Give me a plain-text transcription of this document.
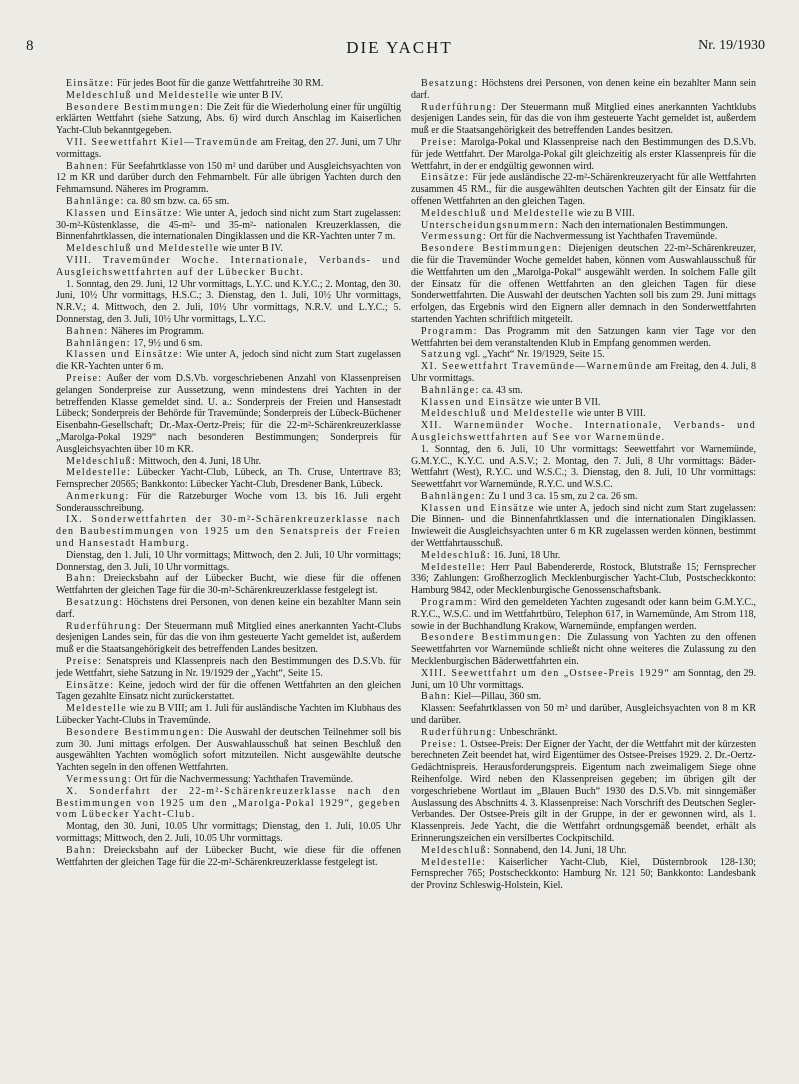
8	DIE YACHT	Nr. 19/1930

Einsätze: Für jedes Boot für die ganze Wettfahrtreihe 30 RM.

Meldeschluß und Meldestelle wie unter B IV.

Besondere Bestimmungen: Die Zeit für die Wiederholung einer für ungültig erklärten Wettfahrt (siehe Satzung, Abs. 6) wird durch Anschlag im Kaiserlichen Yacht-Club bekanntgegeben.

VII. Seewettfahrt Kiel—Travemünde am Freitag, den 27. Juni, um 7 Uhr vormittags.

Bahnen: Für Seefahrtklasse von 150 m² und darüber und Ausgleichsyachten von 12 m KR und darüber durch den Fehmarnbelt. Für alle übrigen Yachten durch den Fehmarnsund. Näheres im Programm.

Bahnlänge: ca. 80 sm bzw. ca. 65 sm.

Klassen und Einsätze: Wie unter A, jedoch sind nicht zum Start zugelassen: 30-m²-Küstenklasse, die 45-m²- und 35-m²- nationalen Kreuzerklassen, die Binnenfahrtklassen, die internationalen Dingiklassen und die KR-Yachten unter 7 m.

Meldeschluß und Meldestelle wie unter B IV.

VIII. Travemünder Woche. Internationale, Verbands- und Ausgleichswettfahrten auf der Lübecker Bucht.

1. Sonntag, den 29. Juni, 12 Uhr vormittags, L.Y.C. und K.Y.C.; 2. Montag, den 30. Juni, 10½ Uhr vormittags, H.S.C.; 3. Dienstag, den 1. Juli, 10½ Uhr vormittags, N.R.V.; 4. Mittwoch, den 2. Juli, 10½ Uhr vormittags, N.R.V. und L.Y.C.; 5. Donnerstag, den 3. Juli, 10½ Uhr vormittags, L.Y.C.

Bahnen: Näheres im Programm.

Bahnlängen: 17, 9½ und 6 sm.

Klassen und Einsätze: Wie unter A, jedoch sind nicht zum Start zugelassen die KR-Yachten unter 6 m.

Preise: Außer der vom D.S.Vb. vorgeschriebenen Anzahl von Klassenpreisen gelangen Sonderpreise zur Aussetzung, wenn mindestens drei Yachten in der betreffenden Klasse gemeldet sind. U. a.: Sonderpreis der Freien und Hansestadt Lübeck; Sonderpreis der Behörde für Travemünde; Sonderpreis der Lübeck-Büchener Eisenbahn-Gesellschaft; Dr.-Max-Oertz-Preis; für die 22-m²-Schärenkreuzerklasse „Marolga-Pokal 1929“ nach besonderen Bestimmungen; Sonderpreis für Ausgleichsyachten über 10 m KR.

Meldeschluß: Mittwoch, den 4. Juni, 18 Uhr.

Meldestelle: Lübecker Yacht-Club, Lübeck, an Th. Cruse, Untertrave 83; Fernsprecher 20565; Bankkonto: Lübecker Yacht-Club, Dresdener Bank, Lübeck.

Anmerkung: Für die Ratzeburger Woche vom 13. bis 16. Juli ergeht Sonderausschreibung.

IX. Sonderwettfahrten der 30-m²-Schärenkreuzerklasse nach den Baubestimmungen von 1925 um den Senatspreis der Freien und Hansestadt Hamburg.

Dienstag, den 1. Juli, 10 Uhr vormittags; Mittwoch, den 2. Juli, 10 Uhr vormittags; Donnerstag, den 3. Juli, 10 Uhr vormittags.

Bahn: Dreiecksbahn auf der Lübecker Bucht, wie diese für die offenen Wettfahrten der gleichen Tage für die 30-m²-Schärenkreuzerklasse festgelegt ist.

Besatzung: Höchstens drei Personen, von denen keine ein bezahlter Mann sein darf.

Ruderführung: Der Steuermann muß Mitglied eines anerkannten Yacht-Clubs desjenigen Landes sein, für das die von ihm gesteuerte Yacht gemeldet ist, außerdem muß er die Staatsangehörigkeit des betreffenden Landes besitzen.

Preise: Senatspreis und Klassenpreis nach den Bestimmungen des D.S.Vb. für jede Wettfahrt, siehe Satzung in Nr. 19/1929 der „Yacht“, Seite 15.

Einsätze: Keine, jedoch wird der für die offenen Wettfahrten an den gleichen Tagen gezahlte Einsatz nicht zurückerstattet.

Meldestelle wie zu B VIII; am 1. Juli für ausländische Yachten im Klubhaus des Lübecker Yacht-Clubs in Travemünde.

Besondere Bestimmungen: Die Auswahl der deutschen Teilnehmer soll bis zum 30. Juni mittags erfolgen. Der Auswahlausschuß hat seinen Beschluß den ausgewählten Yachten womöglich sofort mitzuteilen. Nicht ausgewählte deutsche Yachten segeln in den offenen Wettfahrten.

Vermessung: Ort für die Nachvermessung: Yachthafen Travemünde.

X. Sonderfahrt der 22-m²-Schärenkreuzerklasse nach den Bestimmungen von 1925 um den „Marolga-Pokal 1929“, gegeben vom Lübecker Yacht-Club.

Montag, den 30. Juni, 10.05 Uhr vormittags; Dienstag, den 1. Juli, 10.05 Uhr vormittags; Mittwoch, den 2. Juli, 10.05 Uhr vormittags.

Bahn: Dreiecksbahn auf der Lübecker Bucht, wie diese für die offenen Wettfahrten der gleichen Tage für die 22-m²-Schärenkreuzerklasse festgelegt ist.

Besatzung: Höchstens drei Personen, von denen keine ein bezahlter Mann sein darf.

Ruderführung: Der Steuermann muß Mitglied eines anerkannten Yachtklubs desjenigen Landes sein, für das die von ihm gesteuerte Yacht gemeldet ist, außerdem muß er die Staatsangehörigkeit des betreffenden Landes besitzen.

Preise: Marolga-Pokal und Klassenpreise nach den Bestimmungen des D.S.Vb. für jede Wettfahrt. Der Marolga-Pokal gilt gleichzeitig als erster Klassenpreis für die Wettfahrt, in der er endgültig gewonnen wird.

Einsätze: Für jede ausländische 22-m²-Schärenkreuzeryacht für alle Wettfahrten zusammen 45 RM., für die ausgewählten deutschen Yachten gilt der Einsatz für die offenen Wettfahrten an den gleichen Tagen.

Meldeschluß und Meldestelle wie zu B VIII.

Unterscheidungsnummern: Nach den internationalen Bestimmungen.

Vermessung: Ort für die Nachvermessung ist Yachthafen Travemünde.

Besondere Bestimmungen: Diejenigen deutschen 22-m²-Schärenkreuzer, die für die Travemünder Woche gemeldet haben, können vom Auswahlausschuß für die Wettfahrten um den „Marolga-Pokal“ ausgewählt werden. In solchem Falle gilt der Einsatz für die offenen Wettfahrten an den gleichen Tagen für diese Sonderwettfahrten. Die Auswahl der deutschen Yachten soll bis zum 29. Juni mittags erfolgen, das Ergebnis wird den Eignern aller demnach in den Sonderwettfahrten startenden Yachten schriftlich mitgeteilt.

Programm: Das Programm mit den Satzungen kann vier Tage vor den Wettfahrten bei dem veranstaltenden Klub in Empfang genommen werden.

Satzung vgl. „Yacht“ Nr. 19/1929, Seite 15.

XI. Seewettfahrt Travemünde—Warnemünde am Freitag, den 4. Juli, 8 Uhr vormittags.

Bahnlänge: ca. 43 sm.

Klassen und Einsätze wie unter B VII.

Meldeschluß und Meldestelle wie unter B VIII.

XII. Warnemünder Woche. Internationale, Verbands- und Ausgleichswettfahrten auf See vor Warnemünde.

1. Sonntag, den 6. Juli, 10 Uhr vormittags: Seewettfahrt vor Warnemünde, G.M.Y.C., K.Y.C. und A.S.V.; 2. Montag, den 7. Juli, 8 Uhr vormittags: Bäder-Wettfahrt (West), R.Y.C. und W.S.C.; 3. Dienstag, den 8. Juli, 10 Uhr vormittags: Seewettfahrt vor Warnemünde, R.Y.C. und W.S.C.

Bahnlängen: Zu 1 und 3 ca. 15 sm, zu 2 ca. 26 sm.

Klassen und Einsätze wie unter A, jedoch sind nicht zum Start zugelassen: Die Binnen- und die Binnenfahrtklassen und die internationalen Dingiklassen. Inwieweit die Ausgleichsyachten unter 6 m KR zugelassen werden können, bestimmt der Wettfahrtausschuß.

Meldeschluß: 16. Juni, 18 Uhr.

Meldestelle: Herr Paul Babendererde, Rostock, Blutstraße 15; Fernsprecher 336; Zahlungen: Großherzoglich Mecklenburgischer Yacht-Club, Postscheckkonto: Hamburg 9842, oder Mecklenburgische Genossenschaftsbank.

Programm: Wird den gemeldeten Yachten zugesandt oder kann beim G.M.Y.C., R.Y.C., W.S.C. und im Wettfahrtbüro, Telephon 617, in Warnemünde, Am Strom 118, sowie in der Buchhandlung Krakow, Warnemünde, empfangen werden.

Besondere Bestimmungen: Die Zulassung von Yachten zu den offenen Seewettfahrten vor Warnemünde schließt nicht ohne weiteres die Zulassung zu den Mecklenburgischen Bäderwettfahrten ein.

XIII. Seewettfahrt um den „Ostsee-Preis 1929“ am Sonntag, den 29. Juni, um 10 Uhr vormittags.

Bahn: Kiel—Pillau, 360 sm.

Klassen: Seefahrtklassen von 50 m² und darüber, Ausgleichsyachten von 8 m KR und darüber.

Ruderführung: Unbeschränkt.

Preise: 1. Ostsee-Preis: Der Eigner der Yacht, der die Wettfahrt mit der kürzesten berechneten Zeit beendet hat, wird Eigentümer des Ostsee-Preises 1929. 2. Dr.-Oertz-Gedächtnispreis. Herausforderungspreis. Eigentum nach zweimaligem Siege ohne Reihenfolge. Wird neben den Klassenpreisen gegeben; im übrigen gilt der vorgeschriebene Wortlaut im „Blauen Buch“ 1930 des D.S.Vb. mit sinngemäßer Auslassung des Abschnitts 4. 3. Klassenpreise: Nach Vorschrift des Deutschen Segler-Verbandes. Der Ostsee-Preis gilt in der Gruppe, in der er gewonnen wird, als 1. Klassenpreis. Jede Yacht, die die Wettfahrt ordnungsgemäß beendet, erhält als Erinnerungszeichen ein versilbertes Cockpitschild.

Meldeschluß: Sonnabend, den 14. Juni, 18 Uhr.

Meldestelle: Kaiserlicher Yacht-Club, Kiel, Düsternbrook 128-130; Fernsprecher 765; Postscheckkonto: Hamburg Nr. 121 50; Bankkonto: Landesbank der Provinz Schleswig-Holstein, Kiel.
